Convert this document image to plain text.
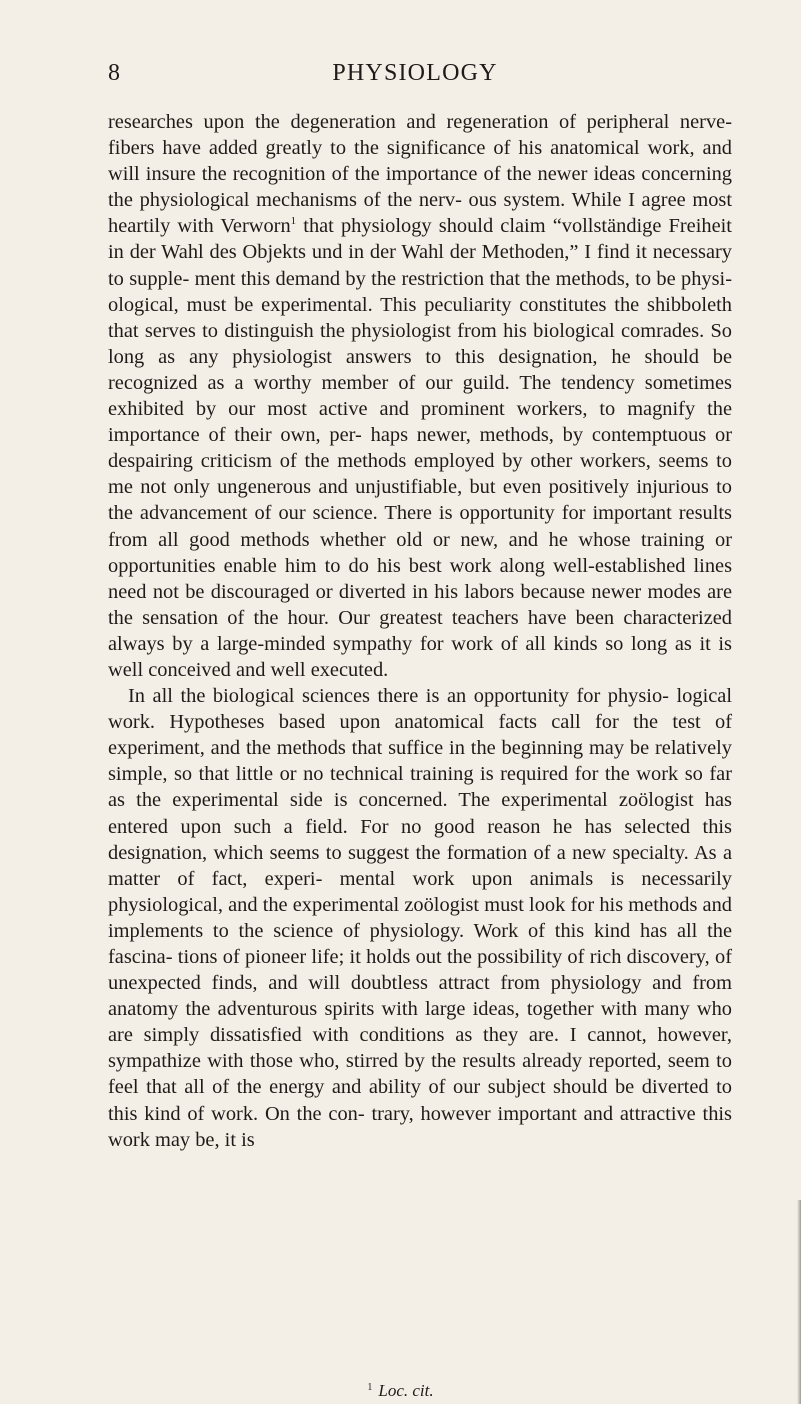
8	PHYSIOLOGY

researches upon the degeneration and regeneration of peripheral nerve-fibers have added greatly to the significance of his anatomical work, and will insure the recognition of the importance of the newer ideas concerning the physiological mechanisms of the nerv- ous system. While I agree most heartily with Verworn$^1$ that physiology should claim “vollständige Freiheit in der Wahl des Objekts und in der Wahl der Methoden,” I find it necessary to supple- ment this demand by the restriction that the methods, to be physi- ological, must be experimental. This peculiarity constitutes the shibboleth that serves to distinguish the physiologist from his biological comrades. So long as any physiologist answers to this designation, he should be recognized as a worthy member of our guild. The tendency sometimes exhibited by our most active and prominent workers, to magnify the importance of their own, per- haps newer, methods, by contemptuous or despairing criticism of the methods employed by other workers, seems to me not only ungenerous and unjustifiable, but even positively injurious to the advancement of our science. There is opportunity for important results from all good methods whether old or new, and he whose training or opportunities enable him to do his best work along well-established lines need not be discouraged or diverted in his labors because newer modes are the sensation of the hour. Our greatest teachers have been characterized always by a large-minded sympathy for work of all kinds so long as it is well conceived and well executed.

In all the biological sciences there is an opportunity for physio- logical work. Hypotheses based upon anatomical facts call for the test of experiment, and the methods that suffice in the beginning may be relatively simple, so that little or no technical training is required for the work so far as the experimental side is concerned. The experimental zoölogist has entered upon such a field. For no good reason he has selected this designation, which seems to suggest the formation of a new specialty. As a matter of fact, experi- mental work upon animals is necessarily physiological, and the experimental zoölogist must look for his methods and implements to the science of physiology. Work of this kind has all the fascina- tions of pioneer life; it holds out the possibility of rich discovery, of unexpected finds, and will doubtless attract from physiology and from anatomy the adventurous spirits with large ideas, together with many who are simply dissatisfied with conditions as they are. I cannot, however, sympathize with those who, stirred by the results already reported, seem to feel that all of the energy and ability of our subject should be diverted to this kind of work. On the con- trary, however important and attractive this work may be, it is

$^1$ Loc. cit.
